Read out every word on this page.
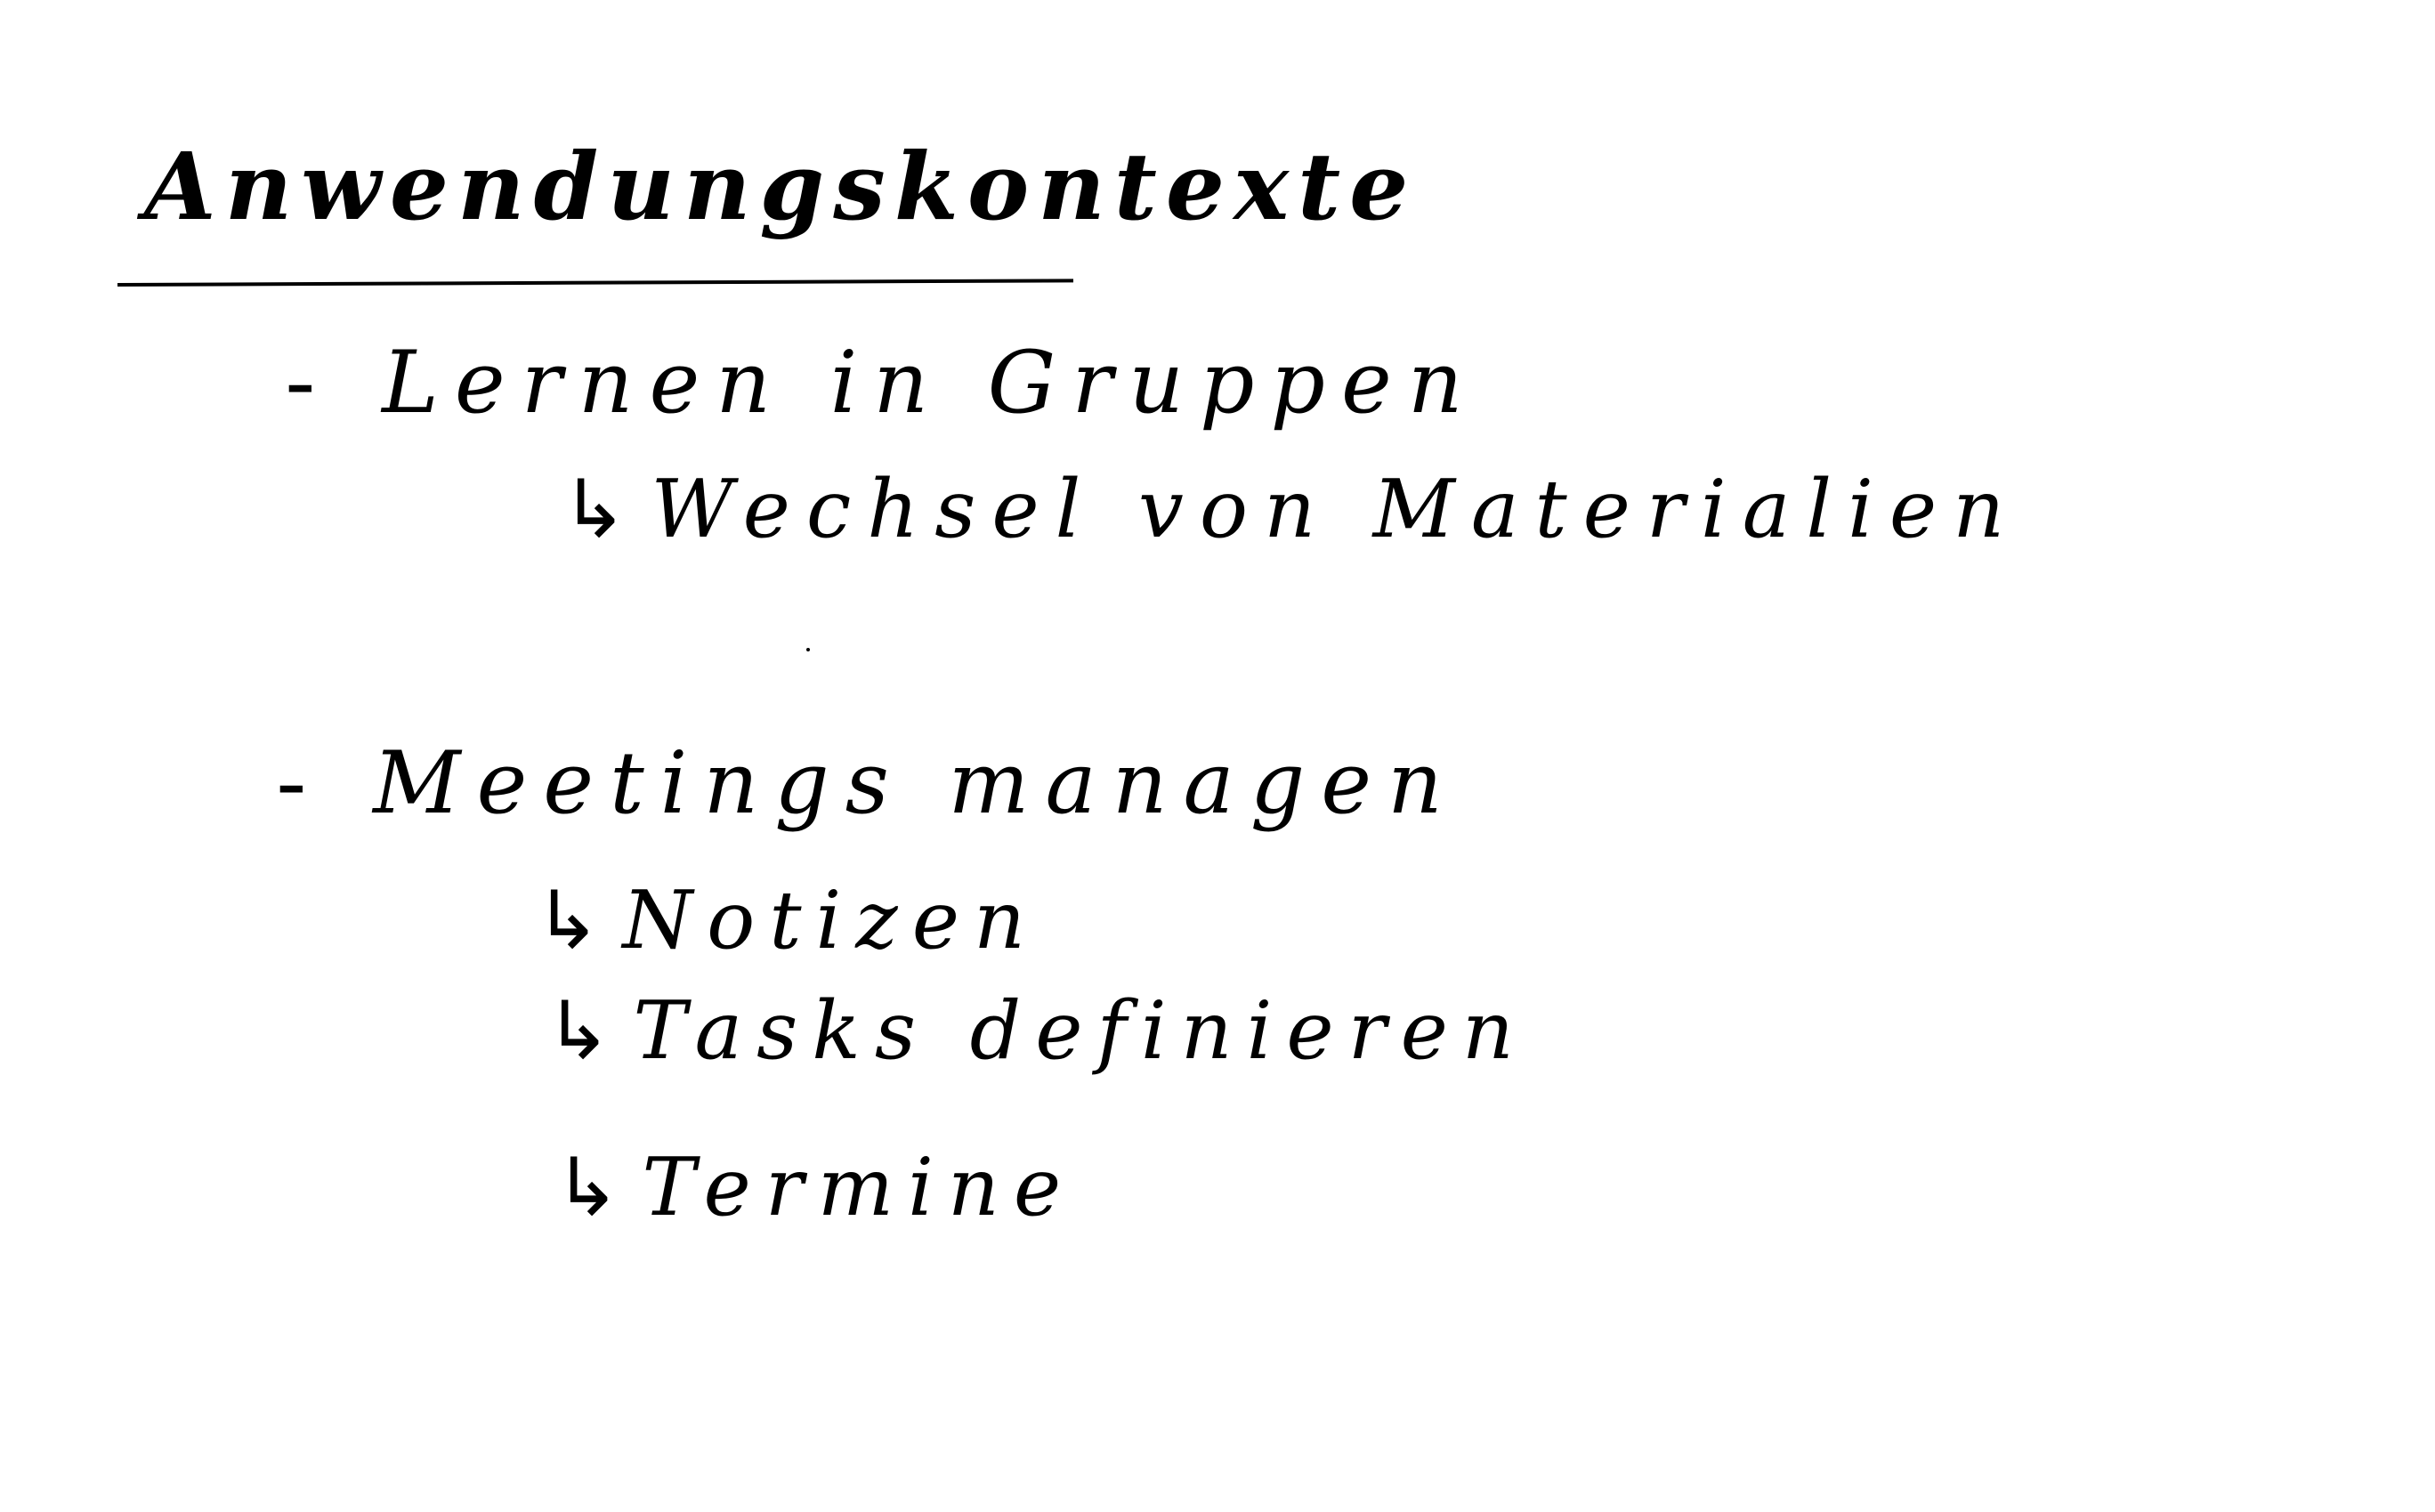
Anwendungskontexte

- Lernen in Gruppen

↳Wechsel von Materialien

- Meetings managen

↳Notizen

↳Tasks definieren

↳Termine
